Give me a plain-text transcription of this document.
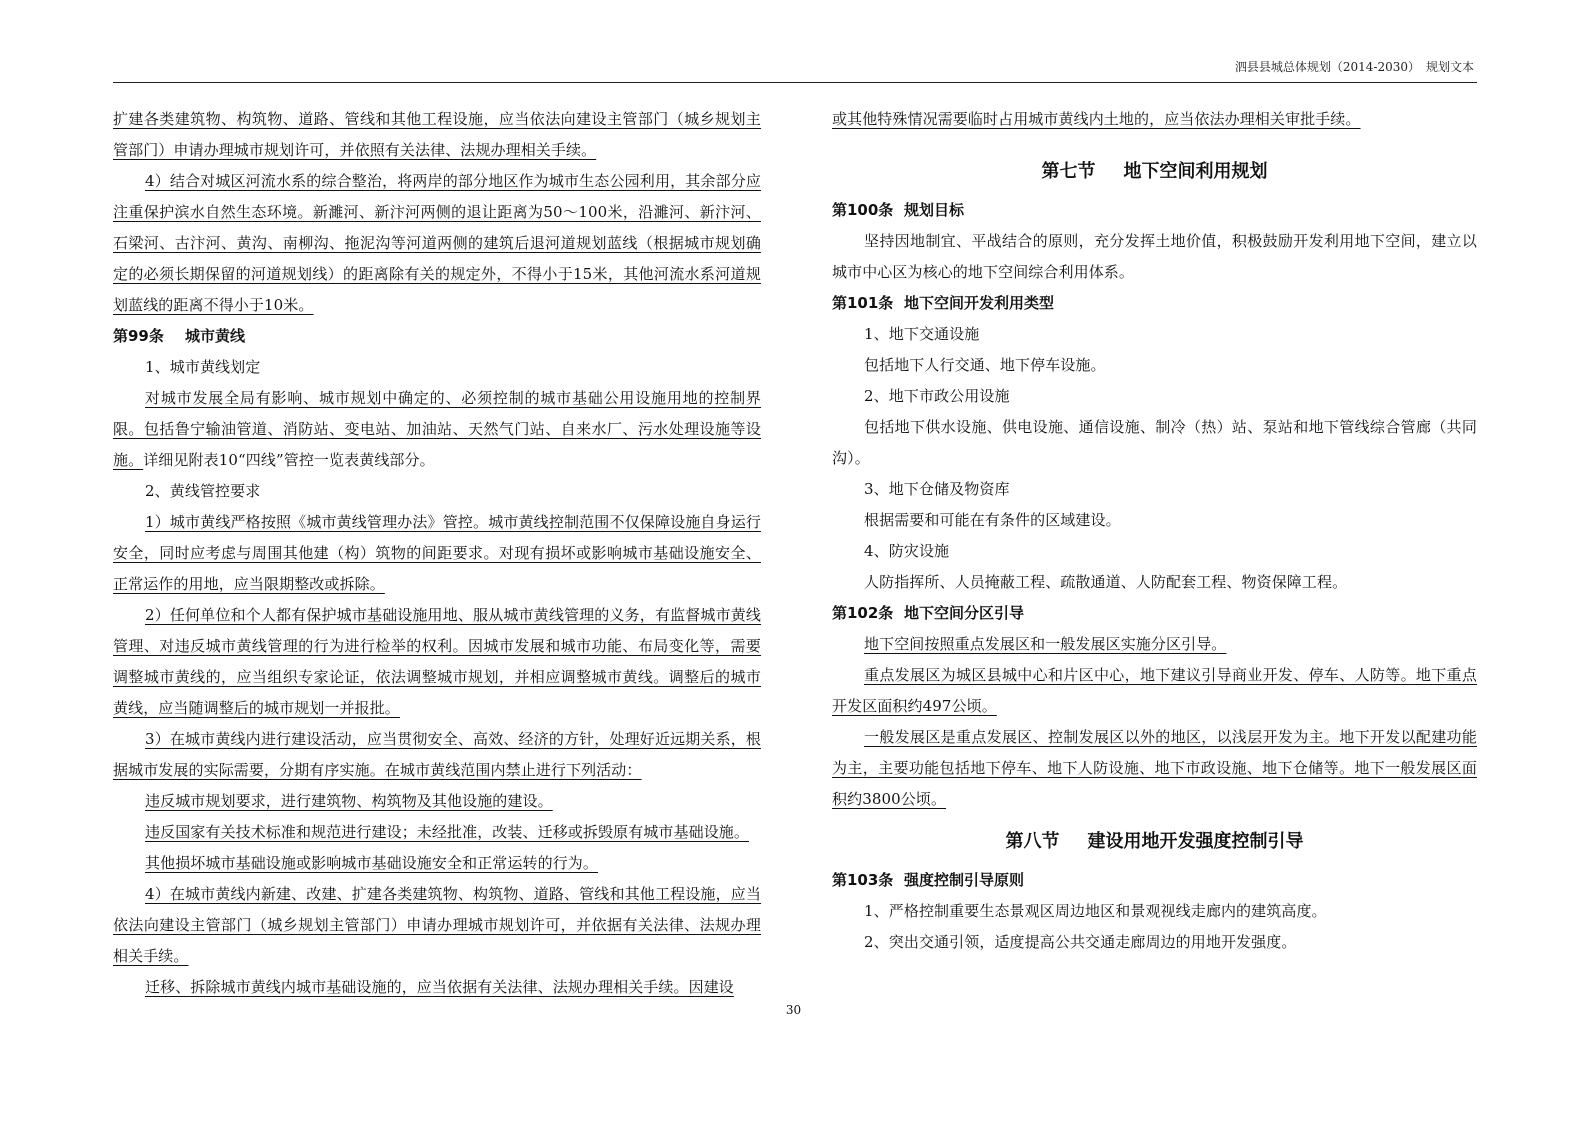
泗县县城总体规划（2014-2030）　规划文本

扩建各类建筑物、构筑物、道路、管线和其他工程设施，应当依法向建设主管部门（城乡规划主管部门）申请办理城市规划许可，并依照有关法律、法规办理相关手续。

4）结合对城区河流水系的综合整治，将两岸的部分地区作为城市生态公园利用，其余部分应注重保护滨水自然生态环境。新濉河、新汴河两侧的退让距离为50～100米，沿濉河、新汴河、石梁河、古汴河、黄沟、南柳沟、拖泥沟等河道两侧的建筑后退河道规划蓝线（根据城市规划确定的必须长期保留的河道规划线）的距离除有关的规定外，不得小于15米，其他河流水系河道规划蓝线的距离不得小于10米。

第99条 城市黄线

1、城市黄线划定

对城市发展全局有影响、城市规划中确定的、必须控制的城市基础公用设施用地的控制界限。包括鲁宁输油管道、消防站、变电站、加油站、天然气门站、自来水厂、污水处理设施等设施。详细见附表10“四线”管控一览表黄线部分。

2、黄线管控要求

1）城市黄线严格按照《城市黄线管理办法》管控。城市黄线控制范围不仅保障设施自身运行安全，同时应考虑与周围其他建（构）筑物的间距要求。对现有损坏或影响城市基础设施安全、正常运作的用地，应当限期整改或拆除。

2）任何单位和个人都有保护城市基础设施用地、服从城市黄线管理的义务，有监督城市黄线管理、对违反城市黄线管理的行为进行检举的权利。因城市发展和城市功能、布局变化等，需要调整城市黄线的，应当组织专家论证，依法调整城市规划，并相应调整城市黄线。调整后的城市黄线，应当随调整后的城市规划一并报批。

3）在城市黄线内进行建设活动，应当贯彻安全、高效、经济的方针，处理好近远期关系，根据城市发展的实际需要，分期有序实施。在城市黄线范围内禁止进行下列活动：

违反城市规划要求，进行建筑物、构筑物及其他设施的建设。

违反国家有关技术标准和规范进行建设；未经批准，改装、迁移或拆毁原有城市基础设施。

其他损坏城市基础设施或影响城市基础设施安全和正常运转的行为。

4）在城市黄线内新建、改建、扩建各类建筑物、构筑物、道路、管线和其他工程设施，应当依法向建设主管部门（城乡规划主管部门）申请办理城市规划许可，并依据有关法律、法规办理相关手续。

迁移、拆除城市黄线内城市基础设施的，应当依据有关法律、法规办理相关手续。因建设

或其他特殊情况需要临时占用城市黄线内土地的，应当依法办理相关审批手续。

第七节 地下空间利用规划

第100条 规划目标

坚持因地制宜、平战结合的原则，充分发挥土地价值，积极鼓励开发利用地下空间，建立以城市中心区为核心的地下空间综合利用体系。

第101条 地下空间开发利用类型

1、地下交通设施

包括地下人行交通、地下停车设施。

2、地下市政公用设施

包括地下供水设施、供电设施、通信设施、制冷（热）站、泵站和地下管线综合管廊（共同沟）。

3、地下仓储及物资库

根据需要和可能在有条件的区域建设。

4、防灾设施

人防指挥所、人员掩蔽工程、疏散通道、人防配套工程、物资保障工程。

第102条 地下空间分区引导

地下空间按照重点发展区和一般发展区实施分区引导。

重点发展区为城区县城中心和片区中心，地下建议引导商业开发、停车、人防等。地下重点开发区面积约497公顷。

一般发展区是重点发展区、控制发展区以外的地区，以浅层开发为主。地下开发以配建功能为主，主要功能包括地下停车、地下人防设施、地下市政设施、地下仓储等。地下一般发展区面积约3800公顷。

第八节 建设用地开发强度控制引导

第103条 强度控制引导原则

1、严格控制重要生态景观区周边地区和景观视线走廊内的建筑高度。

2、突出交通引领，适度提高公共交通走廊周边的用地开发强度。

30
